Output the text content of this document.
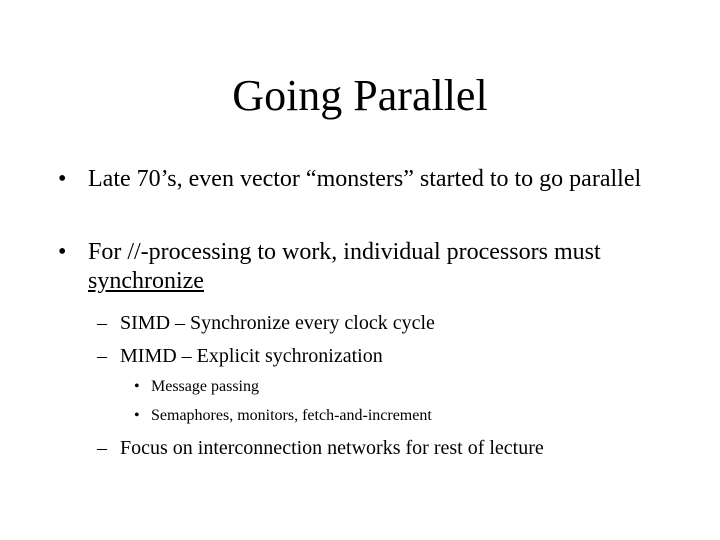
Going Parallel
• Late 70’s, even vector “monsters” started to to go parallel
• For //-processing to work, individual processors must synchronize
– SIMD – Synchronize every clock cycle
– MIMD – Explicit sychronization
• Message passing
• Semaphores, monitors, fetch-and-increment
– Focus on interconnection networks for rest of lecture
